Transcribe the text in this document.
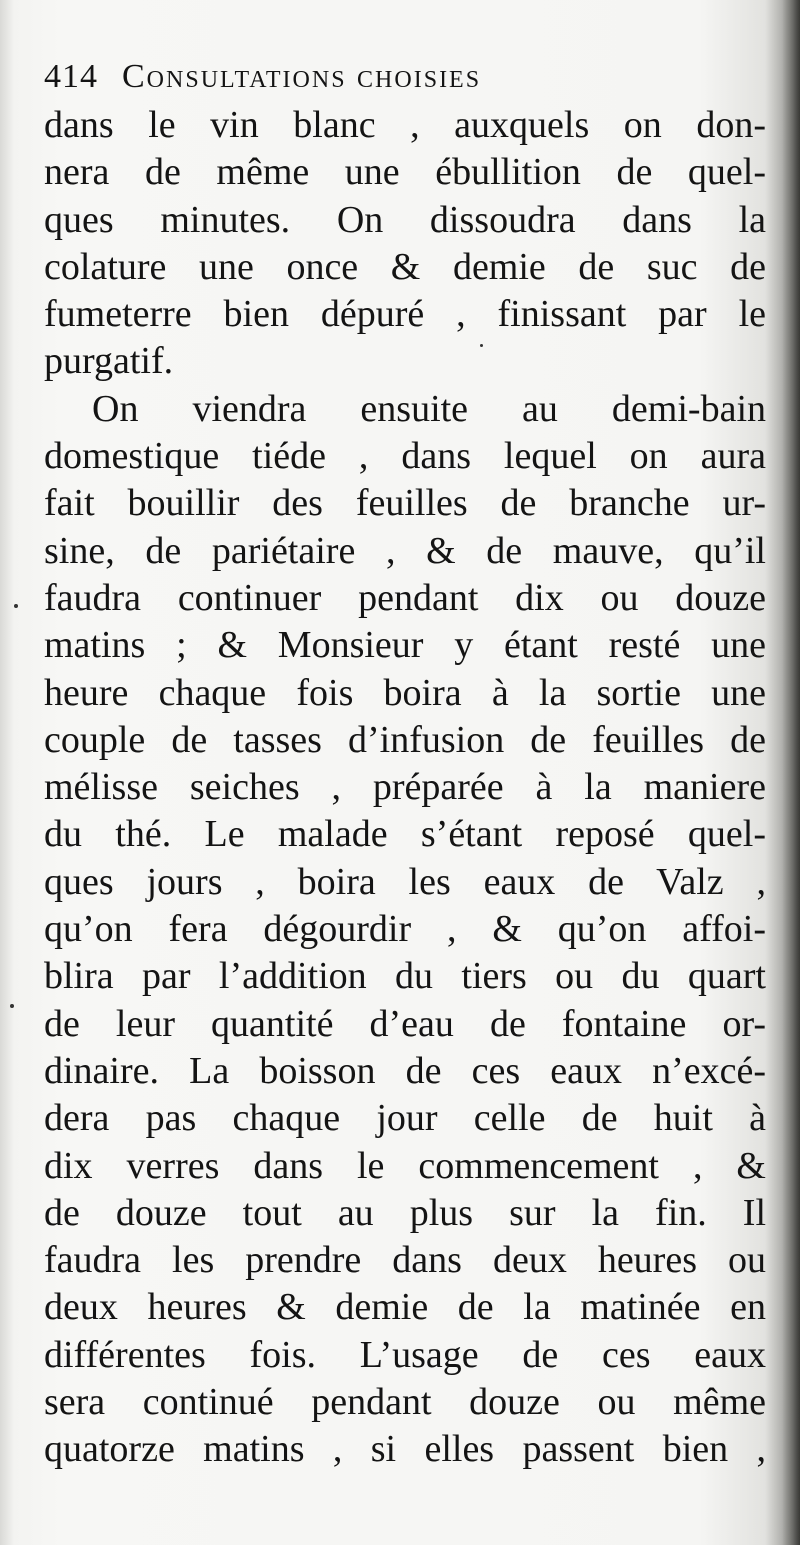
414 Consultations choisies
dans le vin blanc , auxquels on don-
nera de même une ébullition de quel-
ques minutes. On dissoudra dans la
colature une once & demie de suc de
fumeterre bien dépuré , finissant par le
purgatif.
On viendra ensuite au demi-bain
domestique tiéde , dans lequel on aura
fait bouillir des feuilles de branche ur-
sine, de pariétaire , & de mauve, qu’il
faudra continuer pendant dix ou douze
matins ; & Monsieur y étant resté une
heure chaque fois boira à la sortie une
couple de tasses d’infusion de feuilles de
mélisse seiches , préparée à la maniere
du thé. Le malade s’étant reposé quel-
ques jours , boira les eaux de Valz ,
qu’on fera dégourdir , & qu’on affoi-
blira par l’addition du tiers ou du quart
de leur quantité d’eau de fontaine or-
dinaire. La boisson de ces eaux n’excé-
dera pas chaque jour celle de huit à
dix verres dans le commencement , &
de douze tout au plus sur la fin. Il
faudra les prendre dans deux heures ou
deux heures & demie de la matinée en
différentes fois. L’usage de ces eaux
sera continué pendant douze ou même
quatorze matins , si elles passent bien ,
